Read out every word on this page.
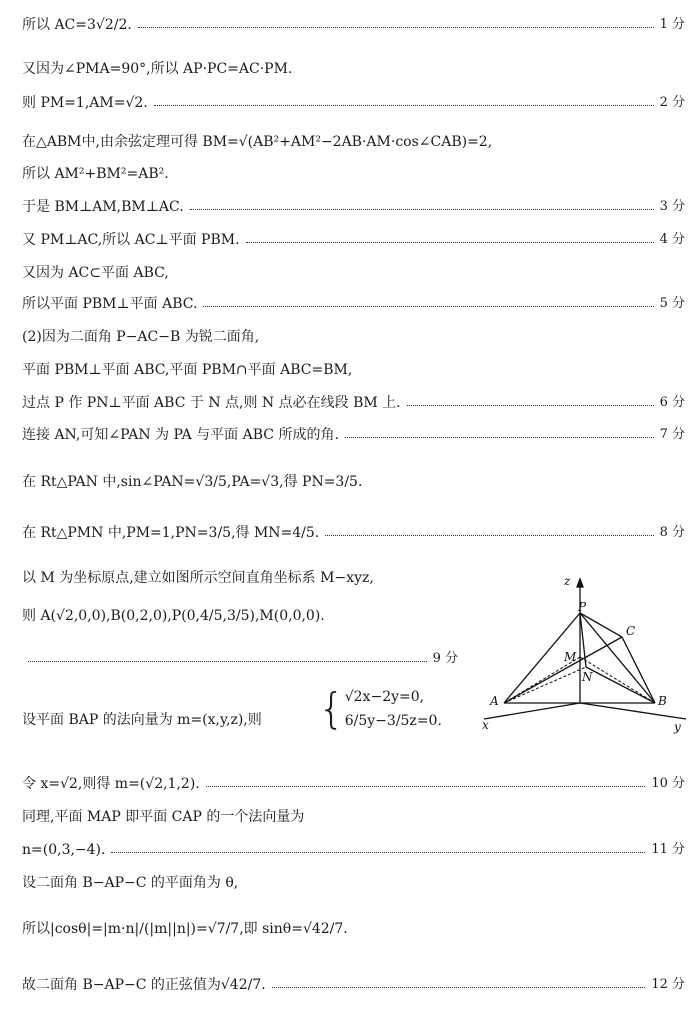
所以 AC=3√2/2.	1 分
又因为∠PMA=90°,所以 AP·PC=AC·PM.
则 PM=1,AM=√2.	2 分
在△ABM中,由余弦定理可得 BM=√(AB²+AM²−2AB·AM·cos∠CAB)=2,
所以 AM²+BM²=AB².
于是 BM⊥AM,BM⊥AC.	3 分
又 PM⊥AC,所以 AC⊥平面 PBM.	4 分
又因为 AC⊂平面 ABC,
所以平面 PBM⊥平面 ABC.	5 分
(2)因为二面角 P−AC−B 为锐二面角,
平面 PBM⊥平面 ABC,平面 PBM∩平面 ABC=BM,
过点 P 作 PN⊥平面 ABC 于 N 点,则 N 点必在线段 BM 上.	6 分
连接 AN,可知∠PAN 为 PA 与平面 ABC 所成的角.	7 分
在 Rt△PAN 中,sin∠PAN=√3/5,PA=√3,得 PN=3/5.
在 Rt△PMN 中,PM=1,PN=3/5,得 MN=4/5.	8 分
以 M 为坐标原点,建立如图所示空间直角坐标系 M−xyz,
则 A(√2,0,0),B(0,2,0),P(0,4/5,3/5),M(0,0,0).
9 分
设平面 BAP 的法向量为 m=(x,y,z),则 { √2x−2y=0,
6/5y−3/5z=0.
z
P
C
M
N
A	B
x	y
令 x=√2,则得 m=(√2,1,2).	10 分
同理,平面 MAP 即平面 CAP 的一个法向量为
n=(0,3,−4).	11 分
设二面角 B−AP−C 的平面角为 θ,
所以|cosθ|=|m·n|/(|m||n|)=√7/7,即 sinθ=√42/7.
故二面角 B−AP−C 的正弦值为√42/7.	12 分
